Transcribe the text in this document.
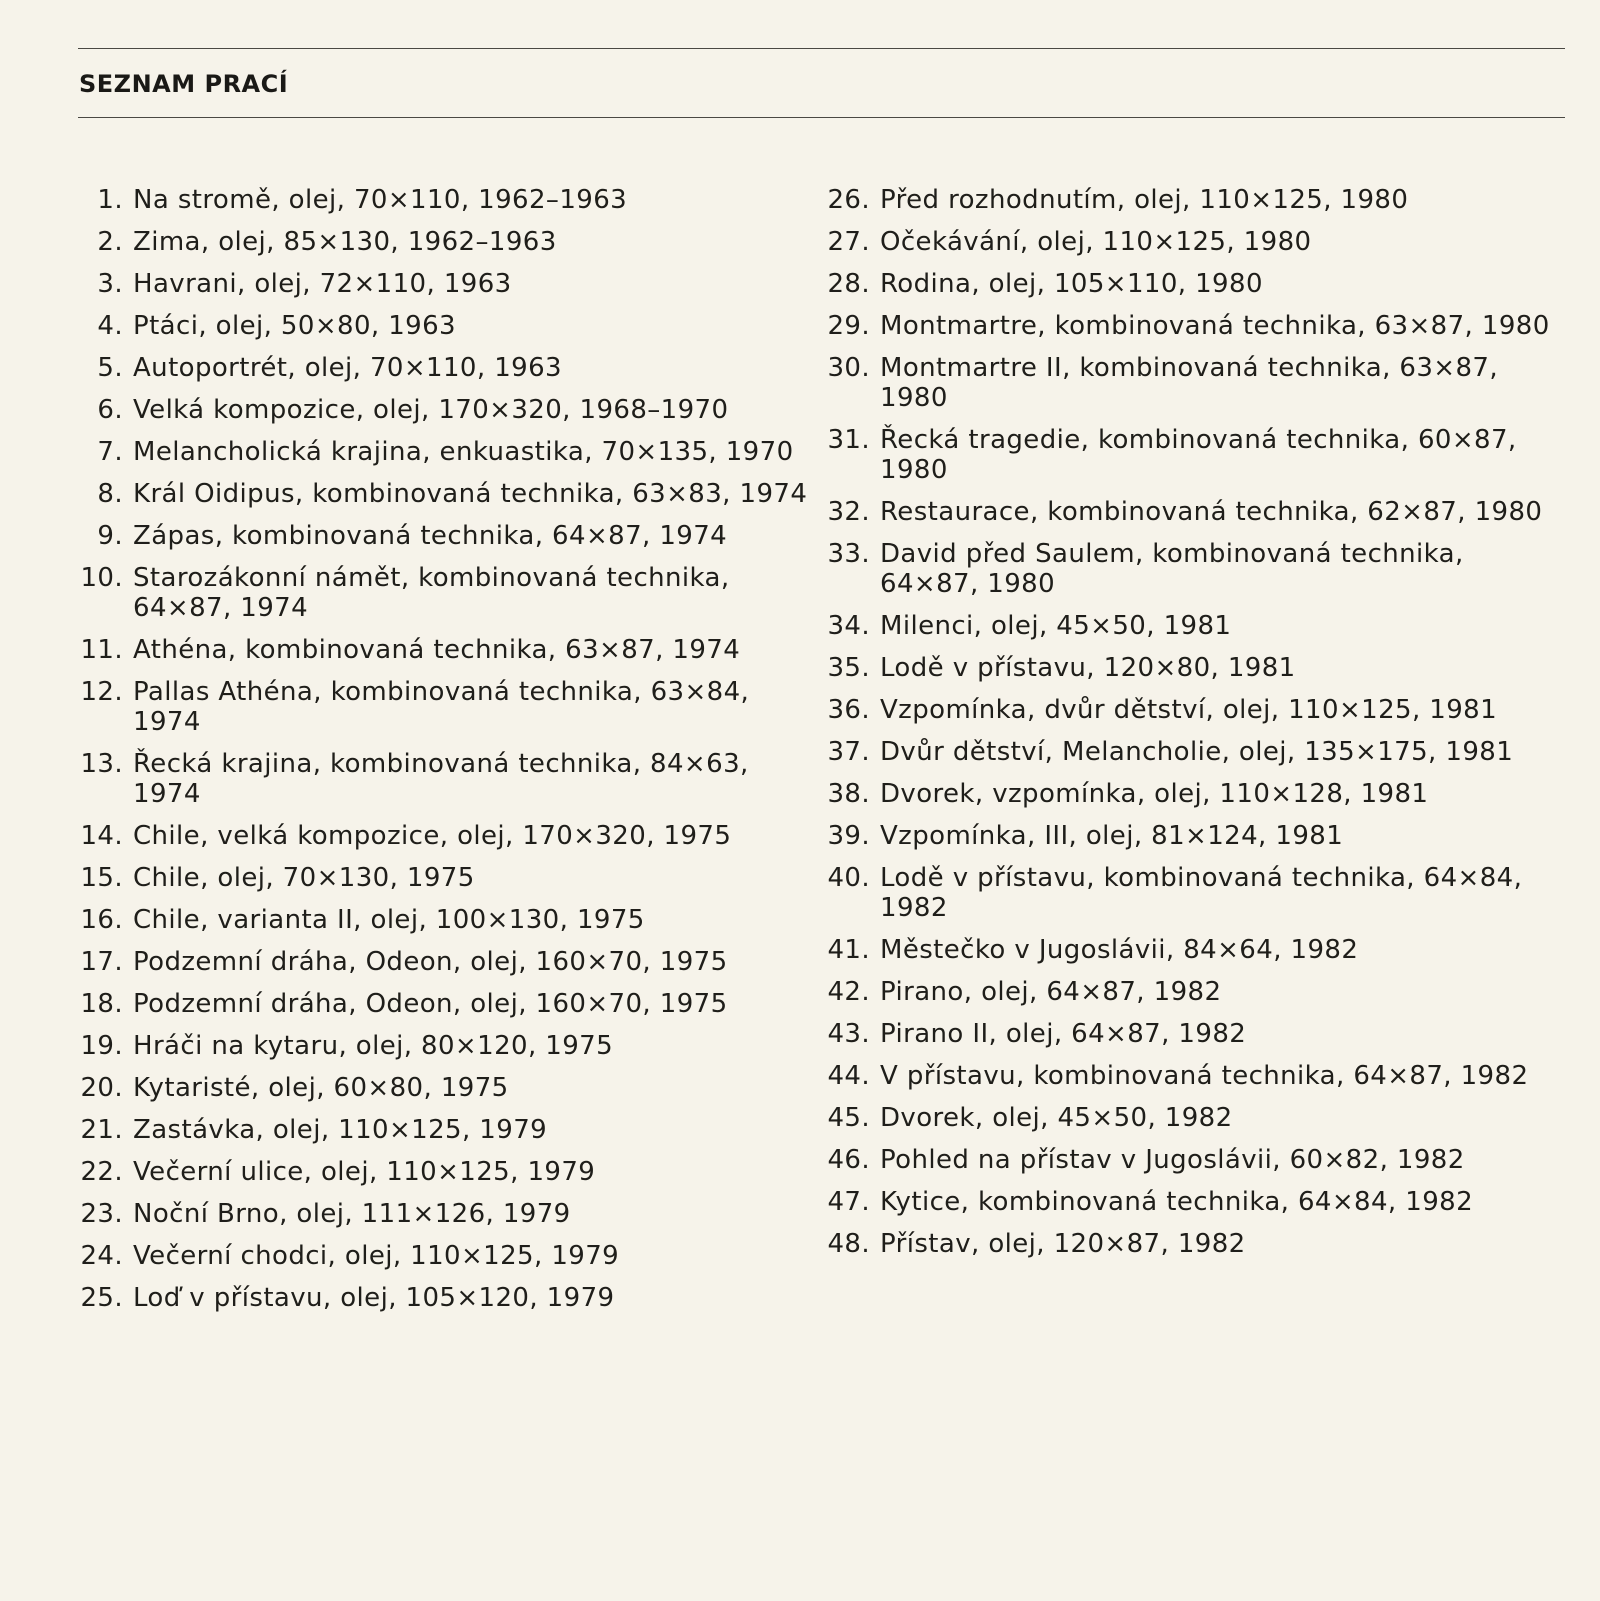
SEZNAM PRACÍ
1. Na stromě, olej, 70×110, 1962–1963
2. Zima, olej, 85×130, 1962–1963
3. Havrani, olej, 72×110, 1963
4. Ptáci, olej, 50×80, 1963
5. Autoportrét, olej, 70×110, 1963
6. Velká kompozice, olej, 170×320, 1968–1970
7. Melancholická krajina, enkuastika, 70×135, 1970
8. Král Oidipus, kombinovaná technika, 63×83, 1974
9. Zápas, kombinovaná technika, 64×87, 1974
10. Starozákonní námět, kombinovaná technika, 64×87, 1974
11. Athéna, kombinovaná technika, 63×87, 1974
12. Pallas Athéna, kombinovaná technika, 63×84, 1974
13. Řecká krajina, kombinovaná technika, 84×63, 1974
14. Chile, velká kompozice, olej, 170×320, 1975
15. Chile, olej, 70×130, 1975
16. Chile, varianta II, olej, 100×130, 1975
17. Podzemní dráha, Odeon, olej, 160×70, 1975
18. Podzemní dráha, Odeon, olej, 160×70, 1975
19. Hráči na kytaru, olej, 80×120, 1975
20. Kytaristé, olej, 60×80, 1975
21. Zastávka, olej, 110×125, 1979
22. Večerní ulice, olej, 110×125, 1979
23. Noční Brno, olej, 111×126, 1979
24. Večerní chodci, olej, 110×125, 1979
25. Loď v přístavu, olej, 105×120, 1979
26. Před rozhodnutím, olej, 110×125, 1980
27. Očekávání, olej, 110×125, 1980
28. Rodina, olej, 105×110, 1980
29. Montmartre, kombinovaná technika, 63×87, 1980
30. Montmartre II, kombinovaná technika, 63×87, 1980
31. Řecká tragedie, kombinovaná technika, 60×87, 1980
32. Restaurace, kombinovaná technika, 62×87, 1980
33. David před Saulem, kombinovaná technika, 64×87, 1980
34. Milenci, olej, 45×50, 1981
35. Lodě v přístavu, 120×80, 1981
36. Vzpomínka, dvůr dětství, olej, 110×125, 1981
37. Dvůr dětství, Melancholie, olej, 135×175, 1981
38. Dvorek, vzpomínka, olej, 110×128, 1981
39. Vzpomínka, III, olej, 81×124, 1981
40. Lodě v přístavu, kombinovaná technika, 64×84, 1982
41. Městečko v Jugoslávii, 84×64, 1982
42. Pirano, olej, 64×87, 1982
43. Pirano II, olej, 64×87, 1982
44. V přístavu, kombinovaná technika, 64×87, 1982
45. Dvorek, olej, 45×50, 1982
46. Pohled na přístav v Jugoslávii, 60×82, 1982
47. Kytice, kombinovaná technika, 64×84, 1982
48. Přístav, olej, 120×87, 1982
